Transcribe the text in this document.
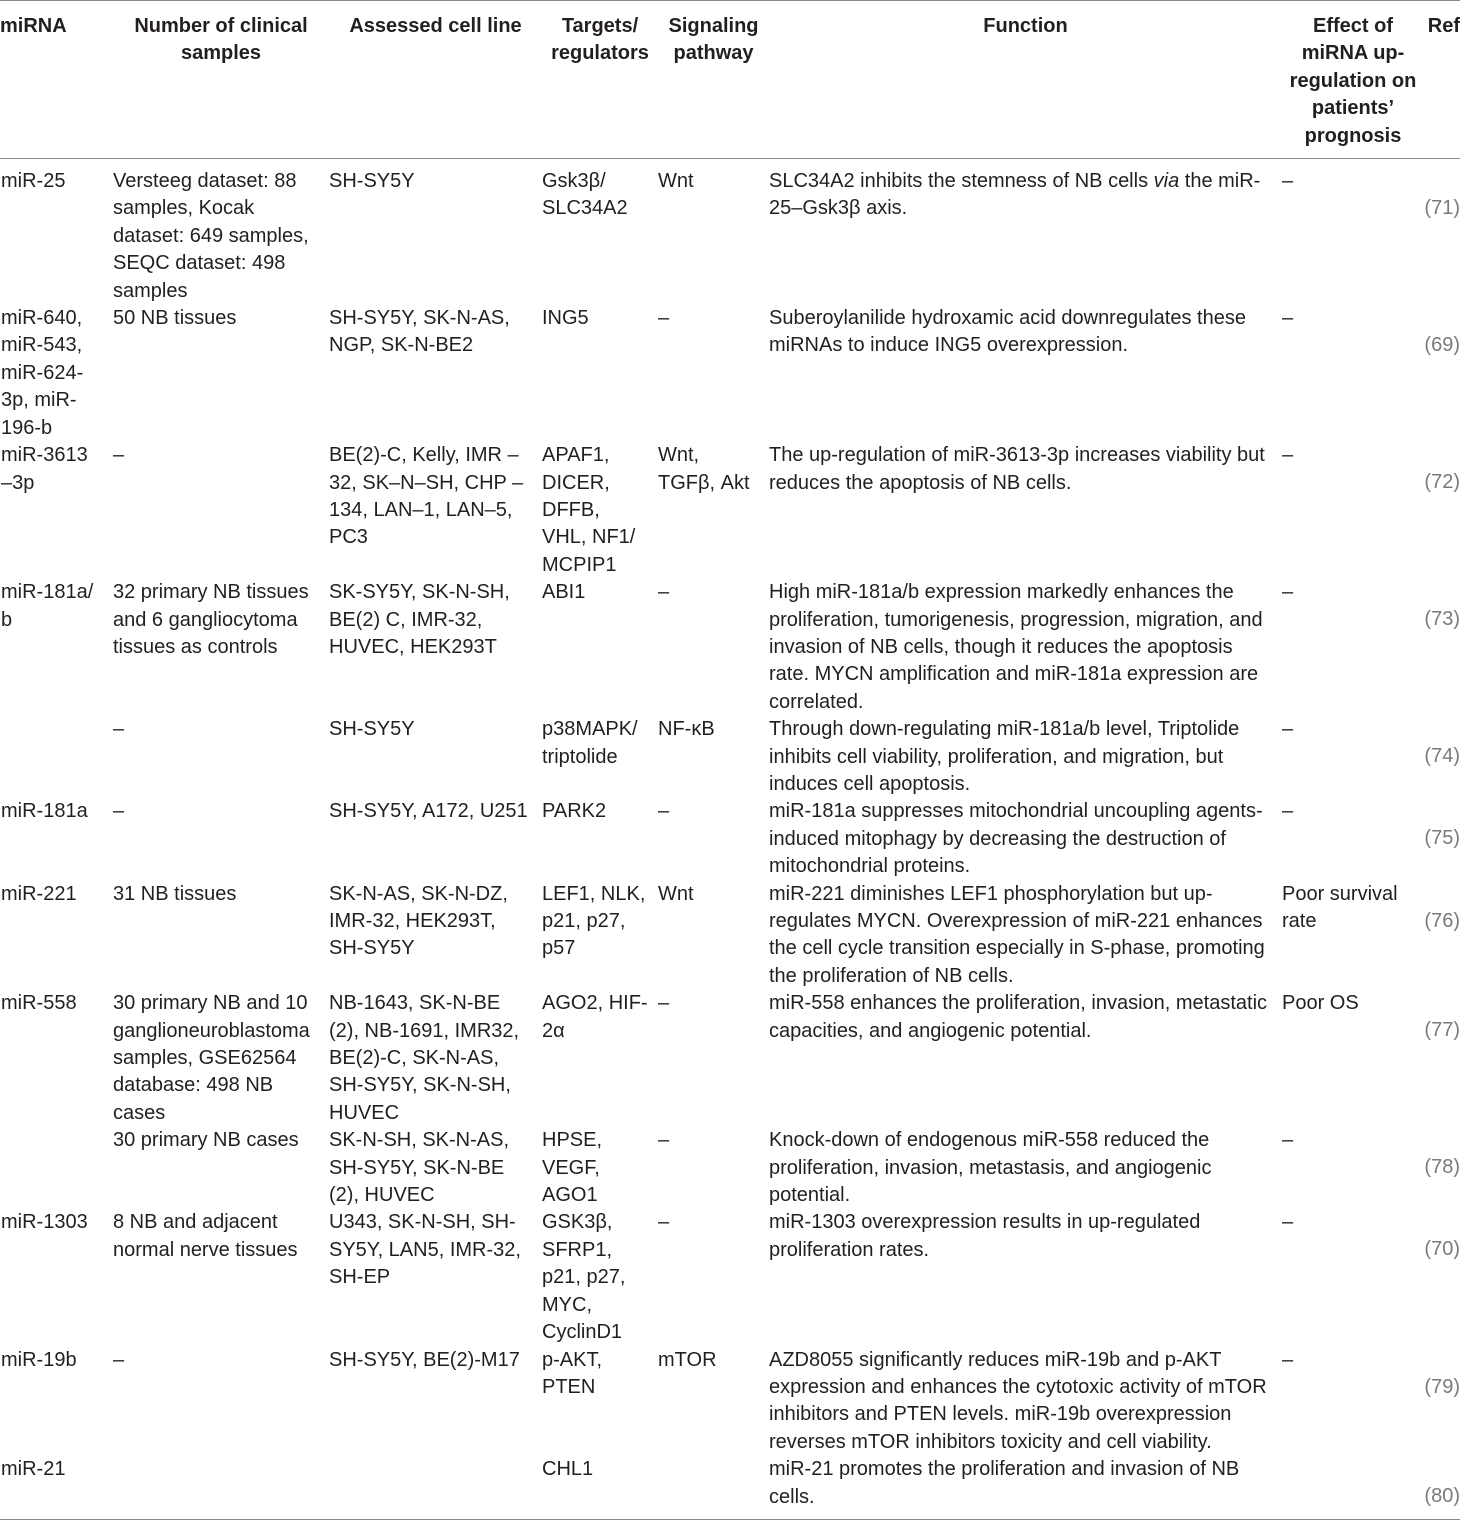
miRNA	Number of clinical samples	Assessed cell line	Targets/ regulators	Signaling pathway	Function	Effect of miRNA up-regulation on patients’ prognosis	Ref
miR-25	Versteeg dataset: 88 samples, Kocak dataset: 649 samples, SEQC dataset: 498 samples	SH-SY5Y	Gsk3β/ SLC34A2	Wnt	SLC34A2 inhibits the stemness of NB cells via the miR-25–Gsk3β axis.	–	(71)
miR-640, miR-543, miR-624-3p, miR-196-b	50 NB tissues	SH-SY5Y, SK-N-AS, NGP, SK-N-BE2	ING5	–	Suberoylanilide hydroxamic acid downregulates these miRNAs to induce ING5 overexpression.	–	(69)
miR-3613 –3p	–	BE(2)-C, Kelly, IMR –32, SK–N–SH, CHP –134, LAN–1, LAN–5, PC3	APAF1, DICER, DFFB, VHL, NF1/ MCPIP1	Wnt, TGFβ, Akt	The up-regulation of miR-3613-3p increases viability but reduces the apoptosis of NB cells.	–	(72)
miR-181a/ b	32 primary NB tissues and 6 gangliocytoma tissues as controls	SK-SY5Y, SK-N-SH, BE(2) C, IMR-32, HUVEC, HEK293T	ABI1	–	High miR-181a/b expression markedly enhances the proliferation, tumorigenesis, progression, migration, and invasion of NB cells, though it reduces the apoptosis rate. MYCN amplification and miR-181a expression are correlated.	–	(73)
	–	SH-SY5Y	p38MAPK/ triptolide	NF-κB	Through down-regulating miR-181a/b level, Triptolide inhibits cell viability, proliferation, and migration, but induces cell apoptosis.	–	(74)
miR-181a	–	SH-SY5Y, A172, U251	PARK2	–	miR-181a suppresses mitochondrial uncoupling agents-induced mitophagy by decreasing the destruction of mitochondrial proteins.	–	(75)
miR-221	31 NB tissues	SK-N-AS, SK-N-DZ, IMR-32, HEK293T, SH-SY5Y	LEF1, NLK, p21, p27, p57	Wnt	miR-221 diminishes LEF1 phosphorylation but up-regulates MYCN. Overexpression of miR-221 enhances the cell cycle transition especially in S-phase, promoting the proliferation of NB cells.	Poor survival rate	(76)
miR-558	30 primary NB and 10 ganglioneuroblastoma samples, GSE62564 database: 498 NB cases	NB-1643, SK-N-BE (2), NB-1691, IMR32, BE(2)-C, SK-N-AS, SH-SY5Y, SK-N-SH, HUVEC	AGO2, HIF-2α	–	miR-558 enhances the proliferation, invasion, metastatic capacities, and angiogenic potential.	Poor OS	(77)
	30 primary NB cases	SK-N-SH, SK-N-AS, SH-SY5Y, SK-N-BE (2), HUVEC	HPSE, VEGF, AGO1	–	Knock-down of endogenous miR-558 reduced the proliferation, invasion, metastasis, and angiogenic potential.	–	(78)
miR-1303	8 NB and adjacent normal nerve tissues	U343, SK-N-SH, SH-SY5Y, LAN5, IMR-32, SH-EP	GSK3β, SFRP1, p21, p27, MYC, CyclinD1	–	miR-1303 overexpression results in up-regulated proliferation rates.	–	(70)
miR-19b	–	SH-SY5Y, BE(2)-M17	p-AKT, PTEN	mTOR	AZD8055 significantly reduces miR-19b and p-AKT expression and enhances the cytotoxic activity of mTOR inhibitors and PTEN levels. miR-19b overexpression reverses mTOR inhibitors toxicity and cell viability.	–	(79)
miR-21			CHL1		miR-21 promotes the proliferation and invasion of NB cells.		(80)
